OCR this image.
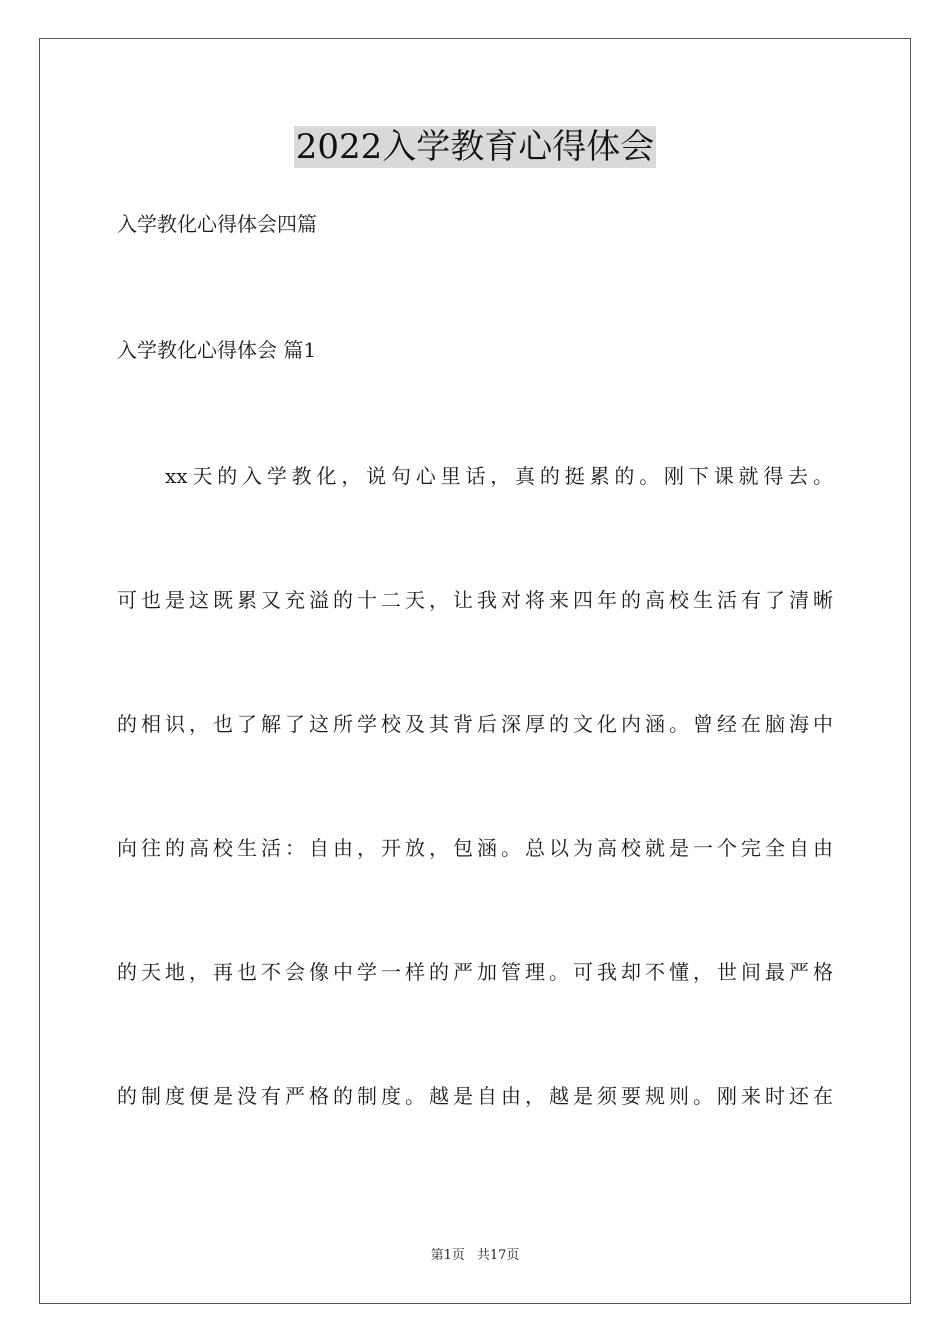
2022入学教育心得体会
入学教化心得体会四篇
入学教化心得体会 篇1
xx天的入学教化，说句心里话，真的挺累的。刚下课就得去。
可也是这既累又充溢的十二天，让我对将来四年的高校生活有了清晰
的相识，也了解了这所学校及其背后深厚的文化内涵。曾经在脑海中
向往的高校生活：自由，开放，包涵。总以为高校就是一个完全自由
的天地，再也不会像中学一样的严加管理。可我却不懂，世间最严格
的制度便是没有严格的制度。越是自由，越是须要规则。刚来时还在
第1页 共17页
